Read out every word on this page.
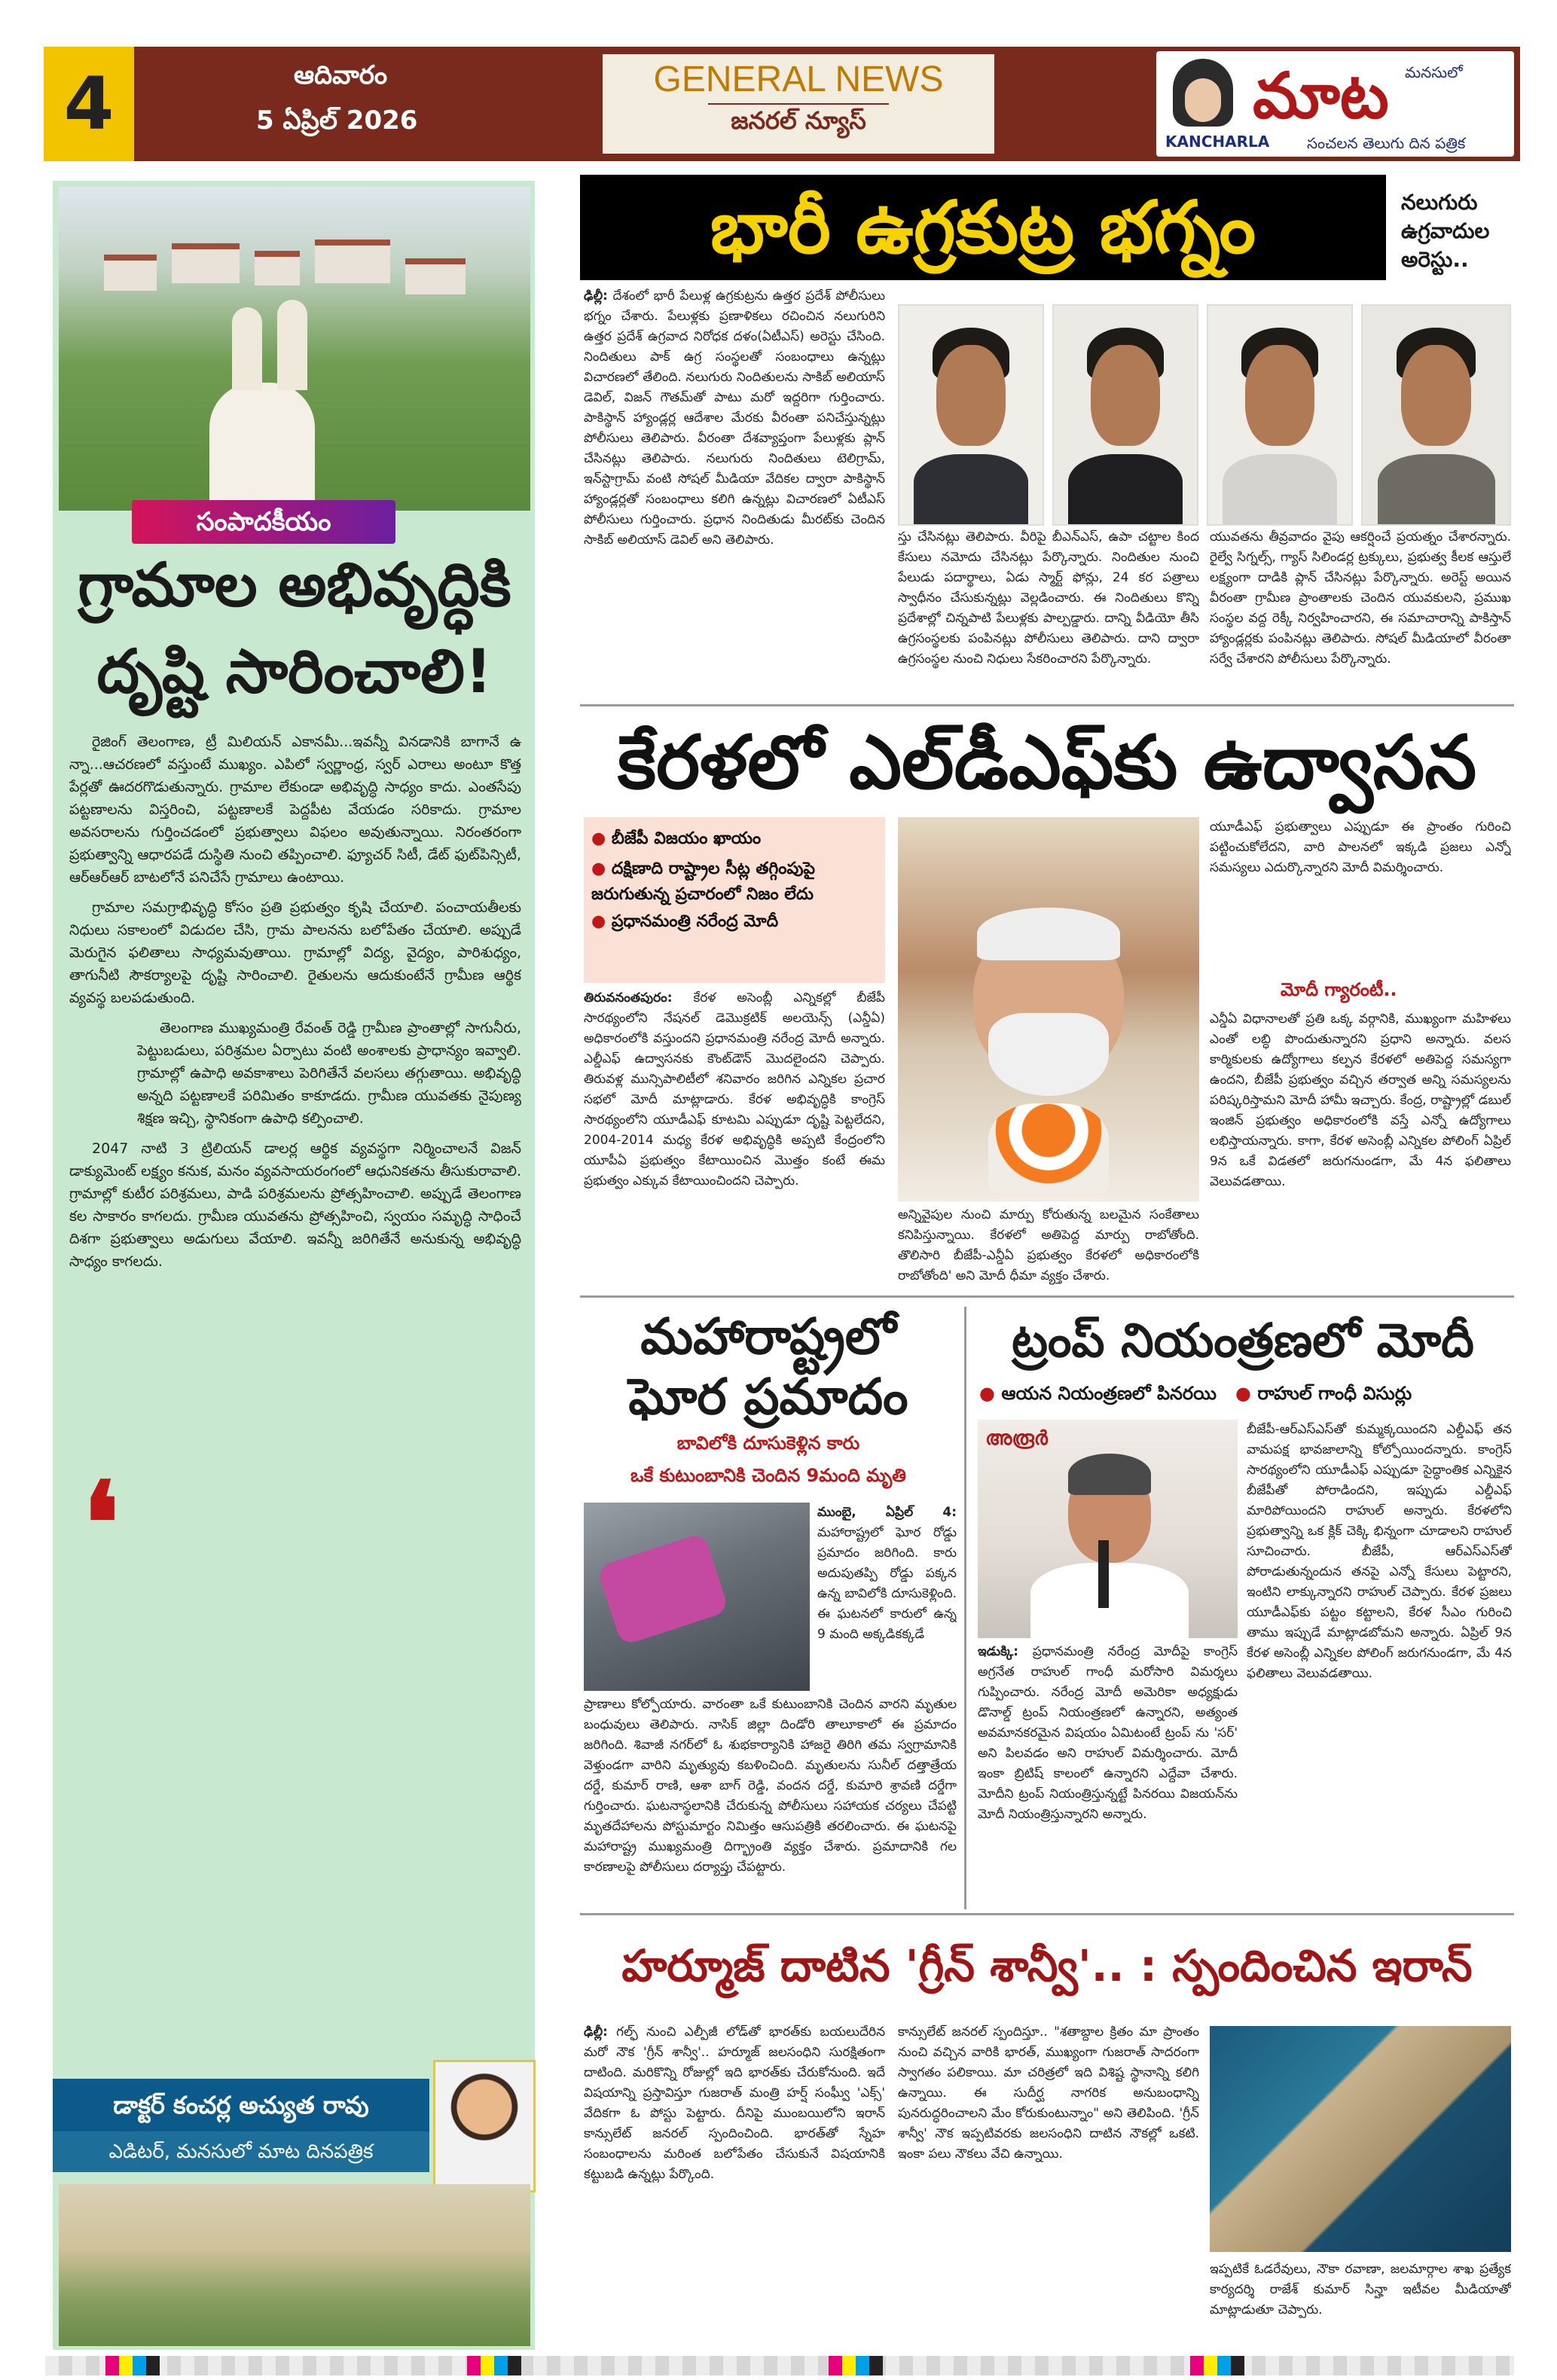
4	ఆదివారం
5 ఏప్రిల్ 2026
GENERAL NEWS
జనరల్ న్యూస్
మనసులో
మాట
KANCHARLA సంచలన తెలుగు దిన పత్రిక
సంపాదకీయం
గ్రామాల అభివృద్ధికి
దృష్టి సారించాలి!

రైజింగ్ తెలంగాణ, ట్రీ మిలియన్ ఎకానమీ...ఇవన్నీ వినడానికి బాగానే ఉ న్నా...ఆచరణలో వస్తుంటే ముఖ్యం. ఎపిలో స్వర్ణాంధ్ర, స్వర్ ఎరాలు అంటూ కొత్త పేర్లతో ఊదరగొడుతున్నారు. గ్రామాల లేకుండా అభివృద్ధి సాధ్యం కాదు. ఎంతసేపు పట్టణాలను విస్తరించి, పట్టణాలకే పెద్దపీట వేయడం సరికాదు. గ్రామాల అవసరాలను గుర్తించడంలో ప్రభుత్వాలు విఫలం అవుతున్నాయి. నిరంతరంగా ప్రభుత్వాన్ని ఆధారపడే దుస్థితి నుంచి తప్పించాలి. ఫ్యూచర్ సిటీ, డేట్ ఫుట్‌పిన్సిటీ, ఆర్ఆర్ఆర్ బాటలోనే పనిచేసే గ్రామాలు ఉంటాయి.

గ్రామాల సమగ్రాభివృద్ధి కోసం ప్రతి ప్రభుత్వం కృషి చేయాలి. పంచాయతీలకు నిధులు సకాలంలో విడుదల చేసి, గ్రామ పాలనను బలోపేతం చేయాలి. అప్పుడే మెరుగైన ఫలితాలు సాధ్యమవుతాయి. గ్రామాల్లో విద్య, వైద్యం, పారిశుధ్యం, తాగునీటి సౌకర్యాలపై దృష్టి సారించాలి. రైతులను ఆదుకుంటేనే గ్రామీణ ఆర్థిక వ్యవస్థ బలపడుతుంది.

తెలంగాణ ముఖ్యమంత్రి రేవంత్ రెడ్డి గ్రామీణ ప్రాంతాల్లో సాగునీరు, పెట్టుబడులు, పరిశ్రమల ఏర్పాటు వంటి అంశాలకు ప్రాధాన్యం ఇవ్వాలి. గ్రామాల్లో ఉపాధి అవకాశాలు పెరిగితేనే వలసలు తగ్గుతాయి. అభివృద్ధి అన్నది పట్టణాలకే పరిమితం కాకూడదు. గ్రామీణ యువతకు నైపుణ్య శిక్షణ ఇచ్చి, స్థానికంగా ఉపాధి కల్పించాలి.

2047 నాటి 3 ట్రిలియన్ డాలర్ల ఆర్థిక వ్యవస్థగా నిర్మించాలనే విజన్ డాక్యుమెంట్ లక్ష్యం కనుక, మనం వ్యవసాయరంగంలో ఆధునికతను తీసుకురావాలి. గ్రామాల్లో కుటీర పరిశ్రమలు, పాడి పరిశ్రమలను ప్రోత్సహించాలి. అప్పుడే తెలంగాణ కల సాకారం కాగలదు. గ్రామీణ యువతను ప్రోత్సహించి, స్వయం సమృద్ధి సాధించే దిశగా ప్రభుత్వాలు అడుగులు వేయాలి. ఇవన్నీ జరిగితేనే అనుకున్న అభివృద్ధి సాధ్యం కాగలదు.

❛
డాక్టర్ కంచర్ల అచ్యుత రావు
ఎడిటర్, మనసులో మాట దినపత్రిక
భారీ ఉగ్రకుట్ర భగ్నం	నలుగురు ఉగ్రవాదుల అరెస్టు..
ఢిల్లీ: దేశంలో భారీ పేలుళ్ల ఉగ్రకుట్రను ఉత్తర ప్రదేశ్ పోలీసులు భగ్నం చేశారు. పేలుళ్లకు ప్రణాళికలు రచించిన నలుగురిని ఉత్తర ప్రదేశ్ ఉగ్రవాద నిరోధక దళం(ఏటీఎస్) అరెస్టు చేసింది. నిందితులు పాక్ ఉగ్ర సంస్థలతో సంబంధాలు ఉన్నట్లు విచారణలో తేలింది. నలుగురు నిందితులను సాకిబ్ అలియాస్ డెవిల్, విజన్ గౌతమ్‌తో పాటు మరో ఇద్దరిగా గుర్తించారు. పాకిస్థాన్ హ్యాండ్లర్ల ఆదేశాల మేరకు వీరంతా పనిచేస్తున్నట్లు పోలీసులు తెలిపారు. వీరంతా దేశవ్యాప్తంగా పేలుళ్లకు ప్లాన్ చేసినట్లు తెలిపారు. నలుగురు నిందితులు టెలిగ్రామ్, ఇన్‌స్టాగ్రామ్ వంటి సోషల్ మీడియా వేదికల ద్వారా పాకిస్థాన్ హ్యాండ్లర్లతో సంబంధాలు కలిగి ఉన్నట్లు విచారణలో ఏటీఎస్ పోలీసులు గుర్తించారు. ప్రధాన నిందితుడు మీరట్‌కు చెందిన సాకిబ్ అలియాస్ డెవిల్ అని తెలిపారు.	స్తు చేసినట్లు తెలిపారు. వీరిపై బీఎన్ఎస్, ఉపా చట్టాల కింద కేసులు నమోదు చేసినట్లు పేర్కొన్నారు. నిందితుల నుంచి పేలుడు పదార్థాలు, ఏడు స్మార్ట్ ఫోన్లు, 24 కర పత్రాలు స్వాధీనం చేసుకున్నట్లు వెల్లడించారు. ఈ నిందితులు కొన్ని ప్రదేశాల్లో చిన్నపాటి పేలుళ్లకు పాల్పడ్డారు. దాన్ని వీడియో తీసి ఉగ్రసంస్థలకు పంపినట్లు పోలీసులు తెలిపారు. దాని ద్వారా ఉగ్రసంస్థల నుంచి నిధులు సేకరించారని పేర్కొన్నారు.
యువతను తీవ్రవాదం వైపు ఆకర్షించే ప్రయత్నం చేశారన్నారు. రైల్వే సిగ్నల్స్, గ్యాస్ సిలిండర్ల ట్రక్కులు, ప్రభుత్వ కీలక ఆస్తులే లక్ష్యంగా దాడికి ప్లాన్ చేసినట్లు పేర్కొన్నారు. అరెస్ట్ అయిన వీరంతా గ్రామీణ ప్రాంతాలకు చెందిన యువకులని, ప్రముఖ సంస్థల వద్ద రెక్కీ నిర్వహించారని, ఈ సమాచారాన్ని పాకిస్తాన్ హ్యాండ్లర్లకు పంపినట్లు తెలిపారు. సోషల్ మీడియాలో వీరంతా సర్వే చేశారని పోలీసులు పేర్కొన్నారు.
కేరళలో ఎల్‌డీఎఫ్‌కు ఉద్వాసన
● బీజేపీ విజయం ఖాయం
● దక్షిణాది రాష్ట్రాల సీట్ల తగ్గింపుపై జరుగుతున్న ప్రచారంలో నిజం లేదు
● ప్రధానమంత్రి నరేంద్ర మోదీ
తిరువనంతపురం: కేరళ అసెంబ్లీ ఎన్నికల్లో బీజేపీ సారథ్యంలోని నేషనల్ డెమొక్రటిక్ అలయెన్స్ (ఎన్డీఏ) అధికారంలోకి వస్తుందని ప్రధానమంత్రి నరేంద్ర మోదీ అన్నారు. ఎల్డీఎఫ్ ఉద్వాసనకు కౌంట్‌డౌన్ మొదలైందని చెప్పారు. తిరువళ్ల మున్సిపాలిటీలో శనివారం జరిగిన ఎన్నికల ప్రచార సభలో మోదీ మాట్లాడారు. కేరళ అభివృద్ధికి కాంగ్రెస్ సారథ్యంలోని యూడీఎఫ్ కూటమి ఎప్పుడూ దృష్టి పెట్టలేదని, 2004-2014 మధ్య కేరళ అభివృద్ధికి అప్పటి కేంద్రంలోని యూపీఏ ప్రభుత్వం కేటాయించిన మొత్తం కంటే ఈమ ప్రభుత్వం ఎక్కువ కేటాయించిందని చెప్పారు.
అన్నివైపుల నుంచి మార్పు కోరుతున్న బలమైన సంకేతాలు కనిపిస్తున్నాయి. కేరళలో అతిపెద్ద మార్పు రాబోతోంది. తొలిసారి బీజేపీ-ఎన్డీఏ ప్రభుత్వం కేరళలో అధికారంలోకి రాబోతోంది' అని మోదీ ధీమా వ్యక్తం చేశారు.
యూడీఎఫ్ ప్రభుత్వాలు ఎప్పుడూ ఈ ప్రాంతం గురించి పట్టించుకోలేదని, వారి పాలనలో ఇక్కడి ప్రజలు ఎన్నో సమస్యలు ఎదుర్కొన్నారని మోదీ విమర్శించారు.
మోదీ గ్యారంటీ..
ఎన్డీఏ విధానాలతో ప్రతి ఒక్క వర్గానికి, ముఖ్యంగా మహిళలు ఎంతో లబ్ధి పొందుతున్నారని ప్రధాని అన్నారు. వలస కార్మికులకు ఉద్యోగాలు కల్పన కేరళలో అతిపెద్ద సమస్యగా ఉందని, బీజేపీ ప్రభుత్వం వచ్చిన తర్వాత అన్ని సమస్యలను పరిష్కరిస్తామని మోదీ హామీ ఇచ్చారు. కేంద్ర, రాష్ట్రాల్లో డబుల్ ఇంజిన్ ప్రభుత్వం అధికారంలోకి వస్తే ఎన్నో ఉద్యోగాలు లభిస్తాయన్నారు. కాగా, కేరళ అసెంబ్లీ ఎన్నికల పోలింగ్ ఏప్రిల్ 9న ఒకే విడతలో జరుగనుండగా, మే 4న ఫలితాలు వెలువడతాయి.
మహారాష్ట్రలో
ఘోర ప్రమాదం
బావిలోకి దూసుకెళ్లిన కారు
ఒకే కుటుంబానికి చెందిన 9మంది మృతి
ముంబై, ఏప్రిల్ 4: మహారాష్ట్రలో ఘోర రోడ్డు ప్రమాదం జరిగింది. కారు అదుపుతప్పి రోడ్డు పక్కన ఉన్న బావిలోకి దూసుకెళ్లింది. ఈ ఘటనలో కారులో ఉన్న 9 మంది అక్కడికక్కడే
ప్రాణాలు కోల్పోయారు. వారంతా ఒకే కుటుంబానికి చెందిన వారని మృతుల బంధువులు తెలిపారు. నాసిక్ జిల్లా దిండోరి తాలూకాలో ఈ ప్రమాదం జరిగింది. శివాజీ నగర్‌లో ఓ శుభకార్యానికి హాజరై తిరిగి తమ స్వగ్రామానికి వెళ్తుండగా వారిని మృత్యువు కబళించింది. మృతులను సునీల్ దత్తాత్రేయ దర్డే, కుమార్ రాణి, ఆశా బాగ్ రెడ్డి, వందన దర్డే, కుమారి శ్రావణి దర్డేగా గుర్తించారు. ఘటనాస్థలానికి చేరుకున్న పోలీసులు సహాయక చర్యలు చేపట్టి మృతదేహాలను పోస్టుమార్టం నిమిత్తం ఆసుపత్రికి తరలించారు. ఈ ఘటనపై మహారాష్ట్ర ముఖ్యమంత్రి దిగ్భ్రాంతి వ్యక్తం చేశారు. ప్రమాదానికి గల కారణాలపై పోలీసులు దర్యాప్తు చేపట్టారు.
ట్రంప్ నియంత్రణలో మోదీ
● ఆయన నియంత్రణలో పినరయి ● రాహుల్ గాంధీ విసుర్లు
അരൂർ
ఇడుక్కి: ప్రధానమంత్రి నరేంద్ర మోదీపై కాంగ్రెస్ అగ్రనేత రాహుల్ గాంధీ మరోసారి విమర్శలు గుప్పించారు. నరేంద్ర మోదీ అమెరికా అధ్యక్షుడు డొనాల్డ్ ట్రంప్ నియంత్రణలో ఉన్నారని, అత్యంత అవమానకరమైన విషయం ఏమిటంటే ట్రంప్ ను 'సర్' అని పిలవడం అని రాహుల్ విమర్శించారు. మోదీ ఇంకా బ్రిటిష్ కాలంలో ఉన్నారని ఎద్దేవా చేశారు. మోదీని ట్రంప్ నియంత్రిస్తున్నట్టే పినరయి విజయన్‌ను మోదీ నియంత్రిస్తున్నారని అన్నారు.
బీజేపీ-ఆర్ఎస్ఎస్‌తో కుమ్మక్కయిందని ఎల్డీఎఫ్ తన వామపక్ష భావజాలాన్ని కోల్పోయిందన్నారు. కాంగ్రెస్ సారథ్యంలోని యూడీఎఫ్ ఎప్పుడూ సైద్ధాంతిక ఎన్నికైన బీజేపీతో పోరాడిందని, ఇప్పుడు ఎల్డీఎఫ్ మారిపోయిందని రాహుల్ అన్నారు. కేరళలోని ప్రభుత్వాన్ని ఒక క్లిక్ చెక్కి భిన్నంగా చూడాలని రాహుల్ సూచించారు. బీజేపీ, ఆర్ఎస్ఎస్‌తో పోరాడుతున్నందున తనపై ఎన్నో కేసులు పెట్టారని, ఇంటిని లాక్కున్నారని రాహుల్ చెప్పారు. కేరళ ప్రజలు యూడీఎఫ్‌కు పట్టం కట్టాలని, కేరళ సీఎం గురించి తాము ఇప్పుడే మాట్లాడబోమని అన్నారు. ఏప్రిల్ 9న కేరళ అసెంబ్లీ ఎన్నికల పోలింగ్ జరుగనుండగా, మే 4న ఫలితాలు వెలువడతాయి.
హర్మూజ్ దాటిన 'గ్రీన్ శాన్వీ'.. : స్పందించిన ఇరాన్
ఢిల్లీ: గల్ఫ్ నుంచి ఎల్పీజీ లోడ్‌తో భారత్‌కు బయలుదేరిన మరో నౌక 'గ్రీన్ శాన్వీ'.. హర్మూజ్ జలసంధిని సురక్షితంగా దాటింది. మరికొన్ని రోజుల్లో ఇది భారత్‌కు చేరుకోనుంది. ఇదే విషయాన్ని ప్రస్తావిస్తూ గుజరాత్ మంత్రి హర్ష్ సంఘ్వీ 'ఎక్స్' వేదికగా ఓ పోస్టు పెట్టారు. దీనిపై ముంబయిలోని ఇరాన్ కాన్సులేట్ జనరల్ స్పందించింది. భారత్‌తో స్నేహ సంబంధాలను మరింత బలోపేతం చేసుకునే విషయానికి కట్టుబడి ఉన్నట్లు పేర్కొంది.
కాన్సులేట్ జనరల్ స్పందిస్తూ.. "శతాబ్దాల క్రితం మా ప్రాంతం నుంచి వచ్చిన వారికి భారత్, ముఖ్యంగా గుజరాత్ సాదరంగా స్వాగతం పలికాయి. మా చరిత్రలో ఇది విశిష్ట స్థానాన్ని కలిగి ఉన్నాయి. ఈ సుదీర్ఘ నాగరిక అనుబంధాన్ని పునరుద్ధరించాలని మేం కోరుకుంటున్నాం" అని తెలిపింది. 'గ్రీన్ శాన్వీ' నౌక ఇప్పటివరకు జలసంధిని దాటిన నౌకల్లో ఒకటి. ఇంకా పలు నౌకలు వేచి ఉన్నాయి.
ఇప్పటికే ఓడరేవులు, నౌకా రవాణా, జలమార్గాల శాఖ ప్రత్యేక కార్యదర్శి రాజేశ్ కుమార్ సిన్హా ఇటీవల మీడియాతో మాట్లాడుతూ చెప్పారు.
